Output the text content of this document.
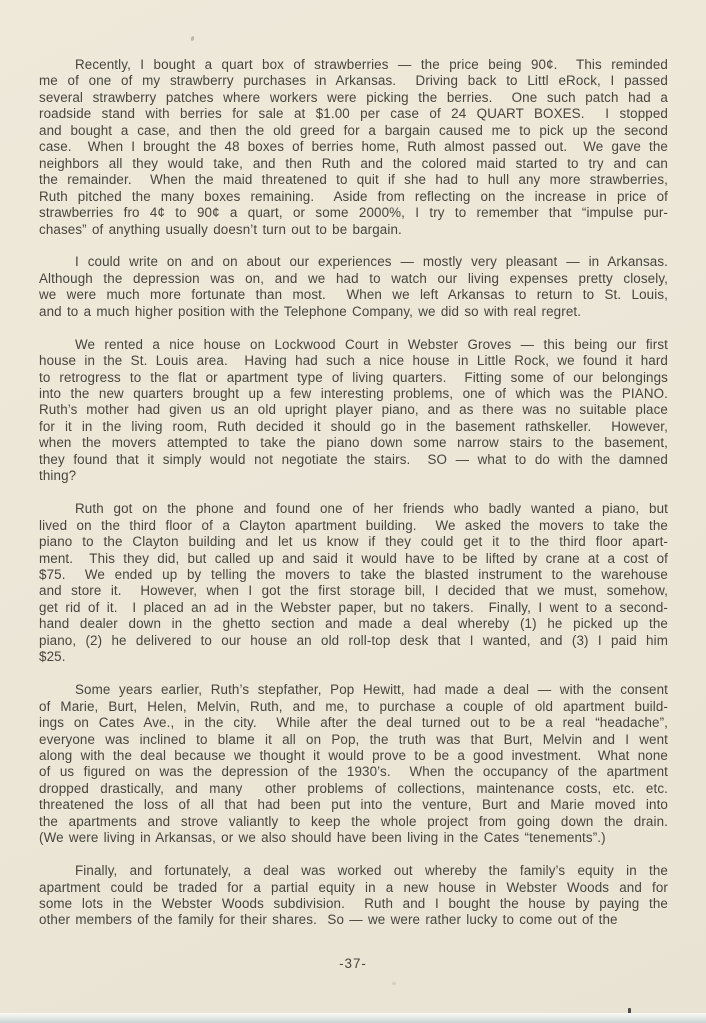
Recently, I bought a quart box of strawberries — the price being 90¢.  This reminded
me of one of my strawberry purchases in Arkansas.  Driving back to Littl eRock, I passed
several strawberry patches where workers were picking the berries.  One such patch had a
roadside stand with berries for sale at $1.00 per case of 24 QUART BOXES.  I stopped
and bought a case, and then the old greed for a bargain caused me to pick up the second
case.  When I brought the 48 boxes of berries home, Ruth almost passed out.  We gave the
neighbors all they would take, and then Ruth and the colored maid started to try and can
the remainder.  When the maid threatened to quit if she had to hull any more strawberries,
Ruth pitched the many boxes remaining.  Aside from reflecting on the increase in price of
strawberries fro 4¢ to 90¢ a quart, or some 2000%, I try to remember that “impulse pur-
chases” of anything usually doesn’t turn out to be bargain.
I could write on and on about our experiences — mostly very pleasant — in Arkansas.
Although the depression was on, and we had to watch our living expenses pretty closely,
we were much more fortunate than most.  When we left Arkansas to return to St. Louis,
and to a much higher position with the Telephone Company, we did so with real regret.
We rented a nice house on Lockwood Court in Webster Groves — this being our first
house in the St. Louis area.  Having had such a nice house in Little Rock, we found it hard
to retrogress to the flat or apartment type of living quarters.  Fitting some of our belongings
into the new quarters brought up a few interesting problems, one of which was the PIANO.
Ruth’s mother had given us an old upright player piano, and as there was no suitable place
for it in the living room, Ruth decided it should go in the basement rathskeller.  However,
when the movers attempted to take the piano down some narrow stairs to the basement,
they found that it simply would not negotiate the stairs.  SO — what to do with the damned
thing?
Ruth got on the phone and found one of her friends who badly wanted a piano, but
lived on the third floor of a Clayton apartment building.  We asked the movers to take the
piano to the Clayton building and let us know if they could get it to the third floor apart-
ment.  This they did, but called up and said it would have to be lifted by crane at a cost of
$75.  We ended up by telling the movers to take the blasted instrument to the warehouse
and store it.  However, when I got the first storage bill, I decided that we must, somehow,
get rid of it.  I placed an ad in the Webster paper, but no takers.  Finally, I went to a second-
hand dealer down in the ghetto section and made a deal whereby (1) he picked up the
piano, (2) he delivered to our house an old roll-top desk that I wanted, and (3) I paid him
$25.
Some years earlier, Ruth’s stepfather, Pop Hewitt, had made a deal — with the consent
of Marie, Burt, Helen, Melvin, Ruth, and me, to purchase a couple of old apartment build-
ings on Cates Ave., in the city.  While after the deal turned out to be a real “headache”,
everyone was inclined to blame it all on Pop, the truth was that Burt, Melvin and I went
along with the deal because we thought it would prove to be a good investment.  What none
of us figured on was the depression of the 1930’s.  When the occupancy of the apartment
dropped drastically, and many  other problems of collections, maintenance costs, etc. etc.
threatened the loss of all that had been put into the venture, Burt and Marie moved into
the apartments and strove valiantly to keep the whole project from going down the drain.
(We were living in Arkansas, or we also should have been living in the Cates “tenements”.)
Finally, and fortunately, a deal was worked out whereby the family’s equity in the
apartment could be traded for a partial equity in a new house in Webster Woods and for
some lots in the Webster Woods subdivision.  Ruth and I bought the house by paying the
other members of the family for their shares.  So — we were rather lucky to come out of the
-37-
